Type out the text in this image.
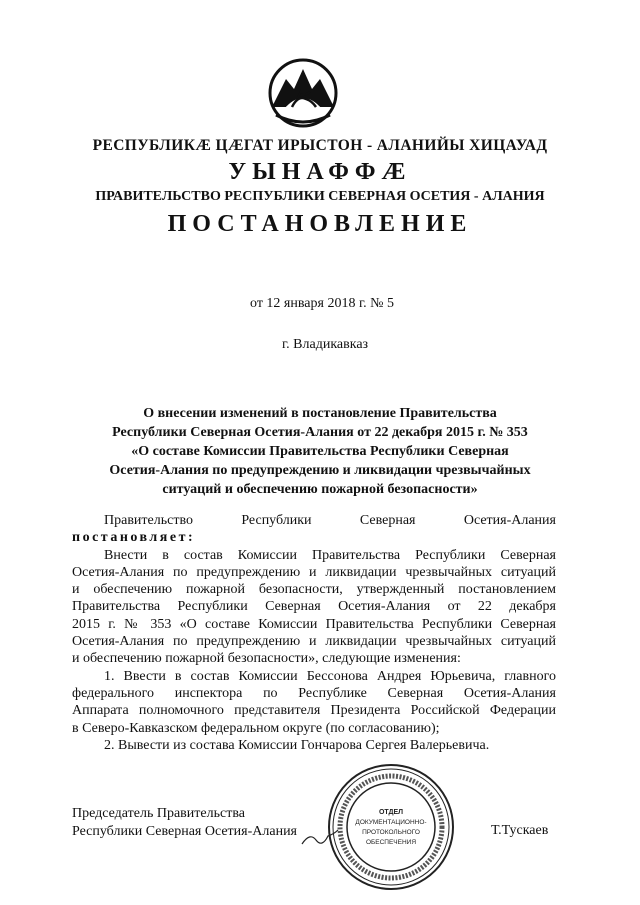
РЕСПУБЛИКӔ ЦӔГАТ ИРЫСТОН - АЛАНИЙЫ ХИЦАУАД
УЫНАФФӔ
ПРАВИТЕЛЬСТВО РЕСПУБЛИКИ СЕВЕРНАЯ ОСЕТИЯ - АЛАНИЯ
ПОСТАНОВЛЕНИЕ
от 12 января 2018 г. № 5
г. Владикавказ
О внесении изменений в постановление Правительства
Республики Северная Осетия-Алания от 22 декабря 2015 г. № 353
«О составе Комиссии Правительства Республики Северная
Осетия-Алания по предупреждению и ликвидации чрезвычайных
ситуаций и обеспечению пожарной безопасности»
Правительство	Республики	Северная	Осетия-Алания
постановляет:
Внести в состав Комиссии Правительства Республики Северная
Осетия-Алания по предупреждению и ликвидации чрезвычайных ситуаций
и обеспечению пожарной безопасности, утвержденный постановлением
Правительства Республики Северная Осетия-Алания от 22 декабря
2015 г. № 353 «О составе Комиссии Правительства Республики Северная
Осетия-Алания по предупреждению и ликвидации чрезвычайных ситуаций
и обеспечению пожарной безопасности», следующие изменения:
1. Ввести в состав Комиссии Бессонова Андрея Юрьевича, главного
федерального инспектора по Республике Северная Осетия-Алания
Аппарата полномочного представителя Президента Российской Федерации
в Северо-Кавказском федеральном округе (по согласованию);
2. Вывести из состава Комиссии Гончарова Сергея Валерьевича.
Председатель Правительства
Республики Северная Осетия-Алания
ОТДЕЛ
ДОКУМЕНТАЦИОННО-
ПРОТОКОЛЬНОГО
ОБЕСПЕЧЕНИЯ
Т.Тускаев
